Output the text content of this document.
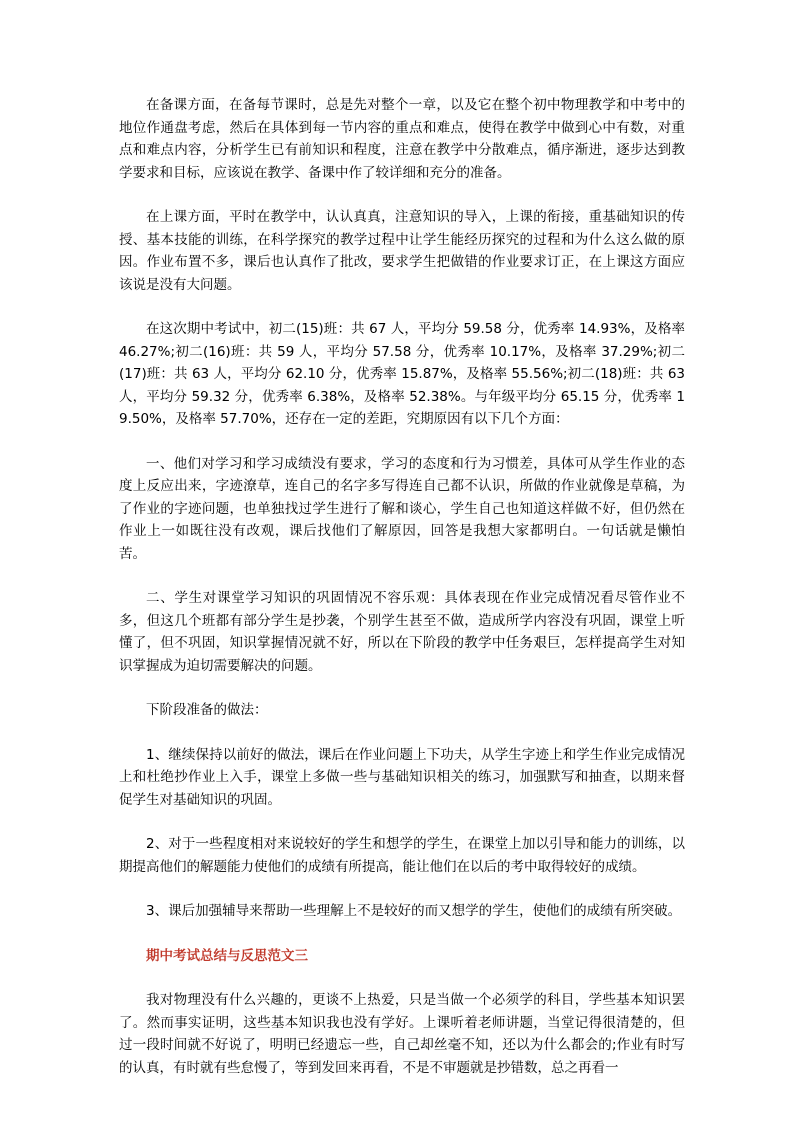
在备课方面，在备每节课时，总是先对整个一章，以及它在整个初中物理教学和中考中的地位作通盘考虑，然后在具体到每一节内容的重点和难点，使得在教学中做到心中有数，对重点和难点内容，分析学生已有前知识和程度，注意在教学中分散难点，循序渐进，逐步达到教学要求和目标，应该说在教学、备课中作了较详细和充分的准备。

在上课方面，平时在教学中，认认真真，注意知识的导入，上课的衔接，重基础知识的传授、基本技能的训练，在科学探究的教学过程中让学生能经历探究的过程和为什么这么做的原因。作业布置不多，课后也认真作了批改，要求学生把做错的作业要求订正，在上课这方面应该说是没有大问题。

在这次期中考试中，初二(15)班：共 67 人，平均分 59.58 分，优秀率 14.93%，及格率 46.27%;初二(16)班：共 59 人，平均分 57.58 分，优秀率 10.17%，及格率 37.29%;初二(17)班：共 63 人，平均分 62.10 分，优秀率 15.87%，及格率 55.56%;初二(18)班：共 63 人，平均分 59.32 分，优秀率 6.38%，及格率 52.38%。与年级平均分 65.15 分，优秀率 19.50%，及格率 57.70%，还存在一定的差距，究期原因有以下几个方面：

一、他们对学习和学习成绩没有要求，学习的态度和行为习惯差，具体可从学生作业的态度上反应出来，字迹潦草，连自己的名字多写得连自己都不认识，所做的作业就像是草稿，为了作业的字迹问题，也单独找过学生进行了解和谈心，学生自己也知道这样做不好，但仍然在作业上一如既往没有改观，课后找他们了解原因，回答是我想大家都明白。一句话就是懒怕苦。

二、学生对课堂学习知识的巩固情况不容乐观：具体表现在作业完成情况看尽管作业不多，但这几个班都有部分学生是抄袭，个别学生甚至不做，造成所学内容没有巩固，课堂上听懂了，但不巩固，知识掌握情况就不好，所以在下阶段的教学中任务艰巨，怎样提高学生对知识掌握成为迫切需要解决的问题。

下阶段准备的做法：

1、继续保持以前好的做法，课后在作业问题上下功夫，从学生字迹上和学生作业完成情况上和杜绝抄作业上入手，课堂上多做一些与基础知识相关的练习，加强默写和抽查，以期来督促学生对基础知识的巩固。

2、对于一些程度相对来说较好的学生和想学的学生，在课堂上加以引导和能力的训练，以期提高他们的解题能力使他们的成绩有所提高，能让他们在以后的考中取得较好的成绩。

3、课后加强辅导来帮助一些理解上不是较好的而又想学的学生，使他们的成绩有所突破。

期中考试总结与反思范文三

我对物理没有什么兴趣的，更谈不上热爱，只是当做一个必须学的科目，学些基本知识罢了。然而事实证明，这些基本知识我也没有学好。上课听着老师讲题，当堂记得很清楚的，但过一段时间就不好说了，明明已经遗忘一些，自己却丝毫不知，还以为什么都会的;作业有时写的认真，有时就有些怠慢了，等到发回来再看，不是不审题就是抄错数，总之再看一
